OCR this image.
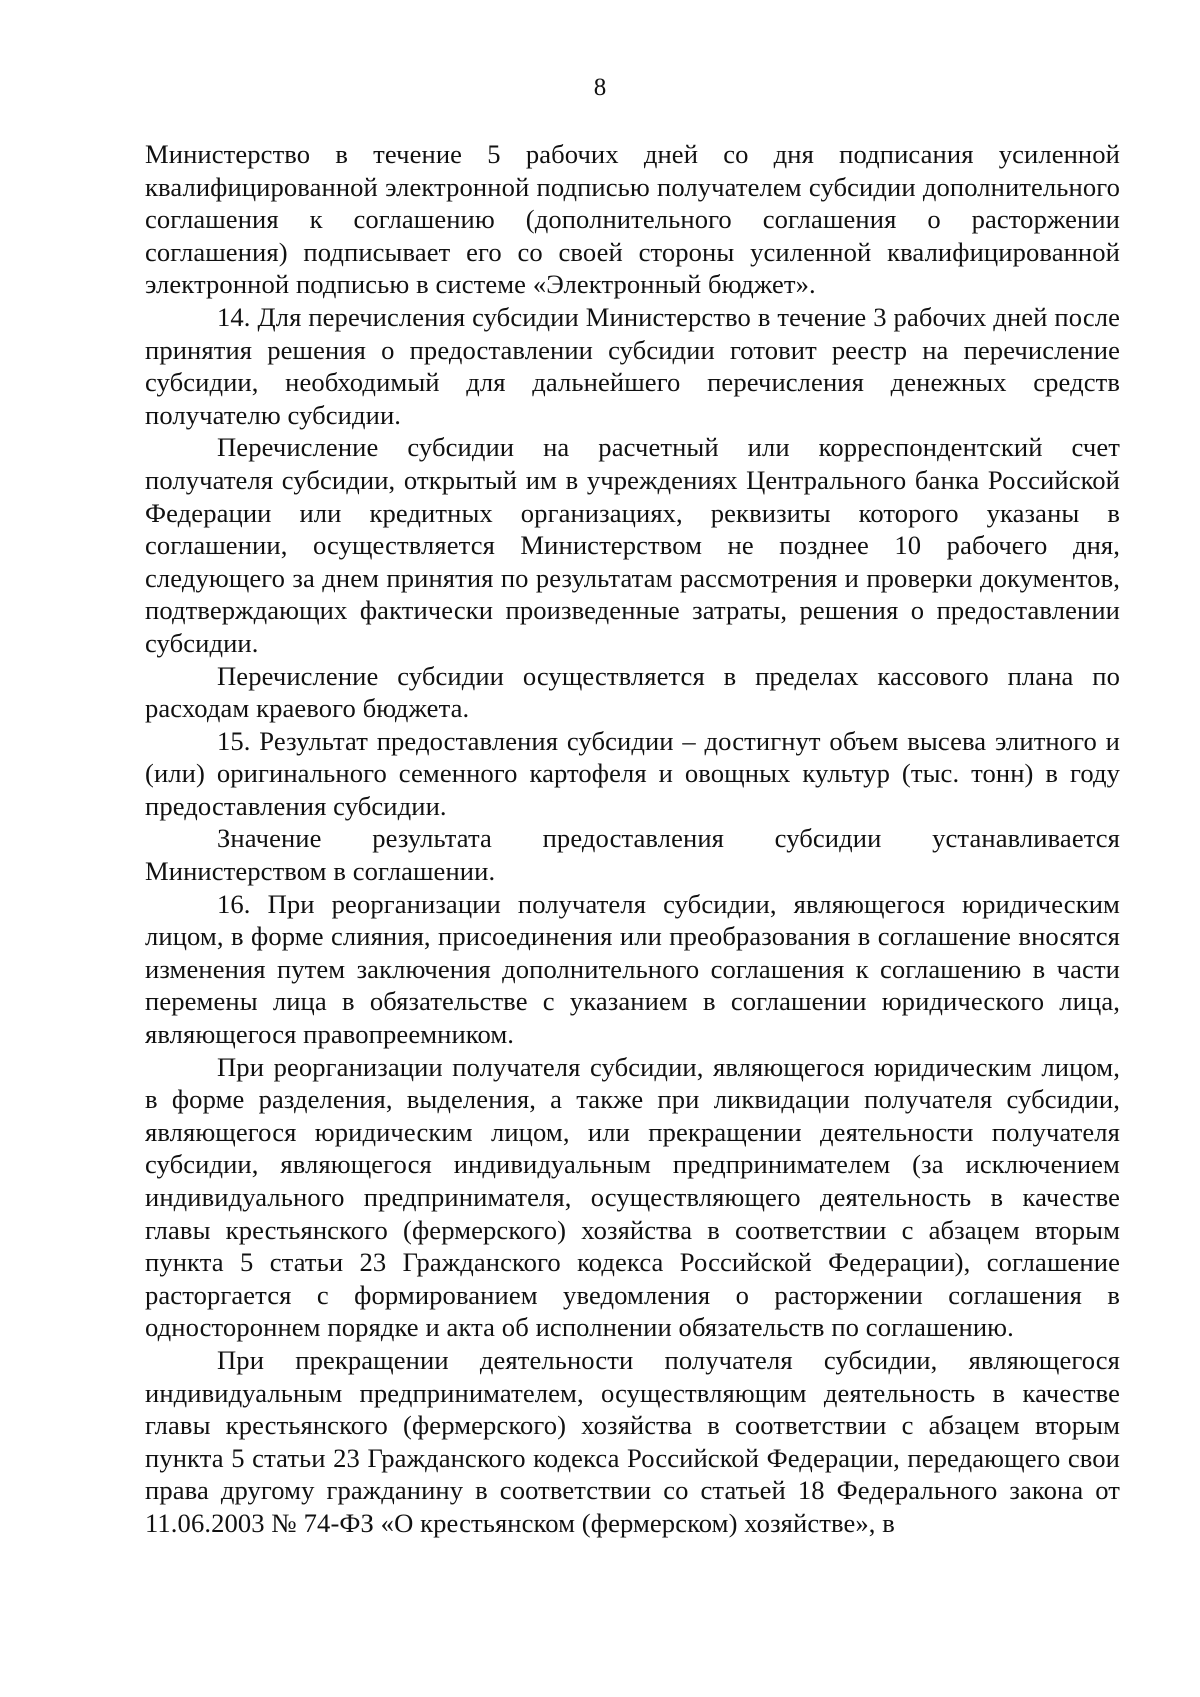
8

Министерство в течение 5 рабочих дней со дня подписания усиленной квалифицированной электронной подписью получателем субсидии дополнительного соглашения к соглашению (дополнительного соглашения о расторжении соглашения) подписывает его со своей стороны усиленной квалифицированной электронной подписью в системе «Электронный бюджет».

14. Для перечисления субсидии Министерство в течение 3 рабочих дней после принятия решения о предоставлении субсидии готовит реестр на перечисление субсидии, необходимый для дальнейшего перечисления денежных средств получателю субсидии.

Перечисление субсидии на расчетный или корреспондентский счет получателя субсидии, открытый им в учреждениях Центрального банка Российской Федерации или кредитных организациях, реквизиты которого указаны в соглашении, осуществляется Министерством не позднее 10 рабочего дня, следующего за днем принятия по результатам рассмотрения и проверки документов, подтверждающих фактически произведенные затраты, решения о предоставлении субсидии.

Перечисление субсидии осуществляется в пределах кассового плана по расходам краевого бюджета.

15. Результат предоставления субсидии – достигнут объем высева элитного и (или) оригинального семенного картофеля и овощных культур (тыс. тонн) в году предоставления субсидии.

Значение результата предоставления субсидии устанавливается Министерством в соглашении.

16. При реорганизации получателя субсидии, являющегося юридическим лицом, в форме слияния, присоединения или преобразования в соглашение вносятся изменения путем заключения дополнительного соглашения к соглашению в части перемены лица в обязательстве с указанием в соглашении юридического лица, являющегося правопреемником.

При реорганизации получателя субсидии, являющегося юридическим лицом, в форме разделения, выделения, а также при ликвидации получателя субсидии, являющегося юридическим лицом, или прекращении деятельности получателя субсидии, являющегося индивидуальным предпринимателем (за исключением индивидуального предпринимателя, осуществляющего деятельность в качестве главы крестьянского (фермерского) хозяйства в соответствии с абзацем вторым пункта 5 статьи 23 Гражданского кодекса Российской Федерации), соглашение расторгается с формированием уведомления о расторжении соглашения в одностороннем порядке и акта об исполнении обязательств по соглашению.

При прекращении деятельности получателя субсидии, являющегося индивидуальным предпринимателем, осуществляющим деятельность в качестве главы крестьянского (фермерского) хозяйства в соответствии с абзацем вторым пункта 5 статьи 23 Гражданского кодекса Российской Федерации, передающего свои права другому гражданину в соответствии со статьей 18 Федерального закона от 11.06.2003 № 74-ФЗ «О крестьянском (фермерском) хозяйстве», в
